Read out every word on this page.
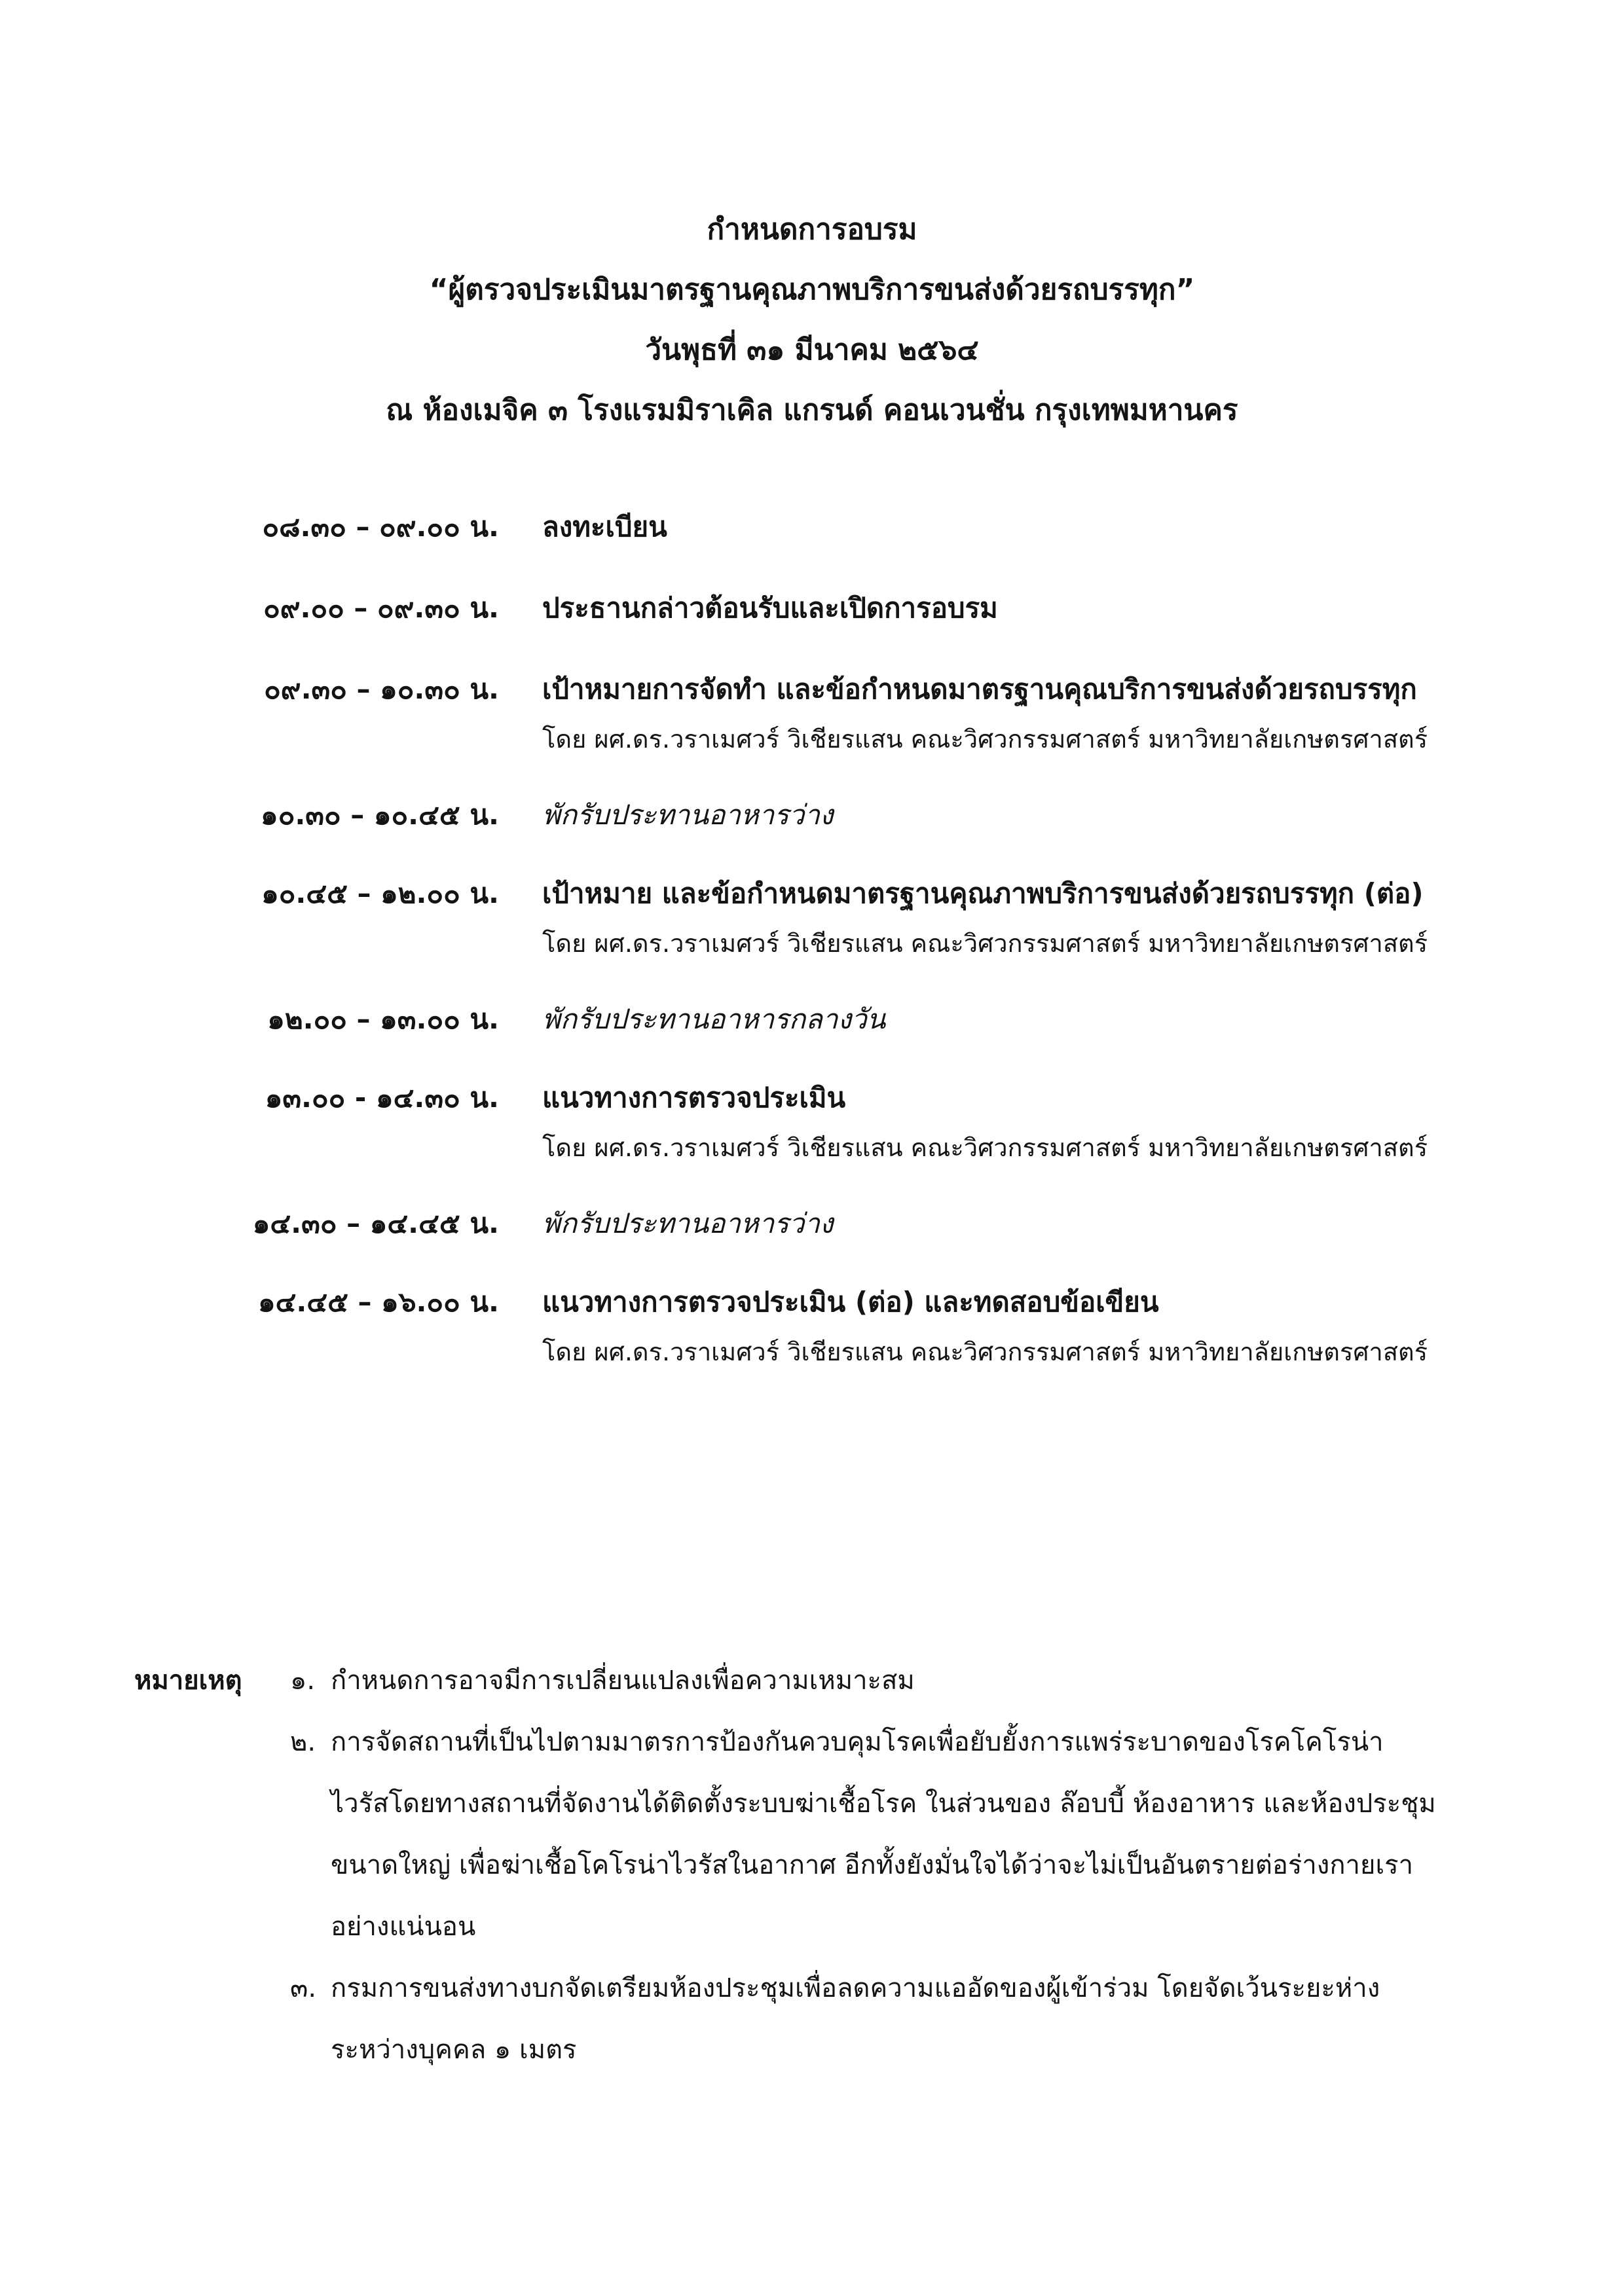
กำหนดการอบรม
“ผู้ตรวจประเมินมาตรฐานคุณภาพบริการขนส่งด้วยรถบรรทุก”
วันพุธที่ ๓๑ มีนาคม ๒๕๖๔
ณ ห้องเมจิค ๓ โรงแรมมิราเคิล แกรนด์ คอนเวนชั่น กรุงเทพมหานคร
๐๘.๓๐ – ๐๙.๐๐ น.	ลงทะเบียน
๐๙.๐๐ – ๐๙.๓๐ น.	ประธานกล่าวต้อนรับและเปิดการอบรม
๐๙.๓๐ – ๑๐.๓๐ น.	เป้าหมายการจัดทำ และข้อกำหนดมาตรฐานคุณบริการขนส่งด้วยรถบรรทุก
โดย ผศ.ดร.วราเมศวร์ วิเชียรแสน คณะวิศวกรรมศาสตร์ มหาวิทยาลัยเกษตรศาสตร์
๑๐.๓๐ – ๑๐.๔๕ น.	พักรับประทานอาหารว่าง
๑๐.๔๕ – ๑๒.๐๐ น.	เป้าหมาย และข้อกำหนดมาตรฐานคุณภาพบริการขนส่งด้วยรถบรรทุก (ต่อ)
โดย ผศ.ดร.วราเมศวร์ วิเชียรแสน คณะวิศวกรรมศาสตร์ มหาวิทยาลัยเกษตรศาสตร์
๑๒.๐๐ – ๑๓.๐๐ น.	พักรับประทานอาหารกลางวัน
๑๓.๐๐ - ๑๔.๓๐ น.	แนวทางการตรวจประเมิน
โดย ผศ.ดร.วราเมศวร์ วิเชียรแสน คณะวิศวกรรมศาสตร์ มหาวิทยาลัยเกษตรศาสตร์
๑๔.๓๐ – ๑๔.๔๕ น.	พักรับประทานอาหารว่าง
๑๔.๔๕ – ๑๖.๐๐ น.	แนวทางการตรวจประเมิน (ต่อ) และทดสอบข้อเขียน
โดย ผศ.ดร.วราเมศวร์ วิเชียรแสน คณะวิศวกรรมศาสตร์ มหาวิทยาลัยเกษตรศาสตร์
หมายเหตุ	๑. กำหนดการอาจมีการเปลี่ยนแปลงเพื่อความเหมาะสม
๒. การจัดสถานที่เป็นไปตามมาตรการป้องกันควบคุมโรคเพื่อยับยั้งการแพร่ระบาดของโรคโคโรน่า
ไวรัสโดยทางสถานที่จัดงานได้ติดตั้งระบบฆ่าเชื้อโรค ในส่วนของ ล๊อบบี้ ห้องอาหาร และห้องประชุม
ขนาดใหญ่ เพื่อฆ่าเชื้อโคโรน่าไวรัสในอากาศ อีกทั้งยังมั่นใจได้ว่าจะไม่เป็นอันตรายต่อร่างกายเรา
อย่างแน่นอน
๓. กรมการขนส่งทางบกจัดเตรียมห้องประชุมเพื่อลดความแออัดของผู้เข้าร่วม โดยจัดเว้นระยะห่าง
ระหว่างบุคคล ๑ เมตร
